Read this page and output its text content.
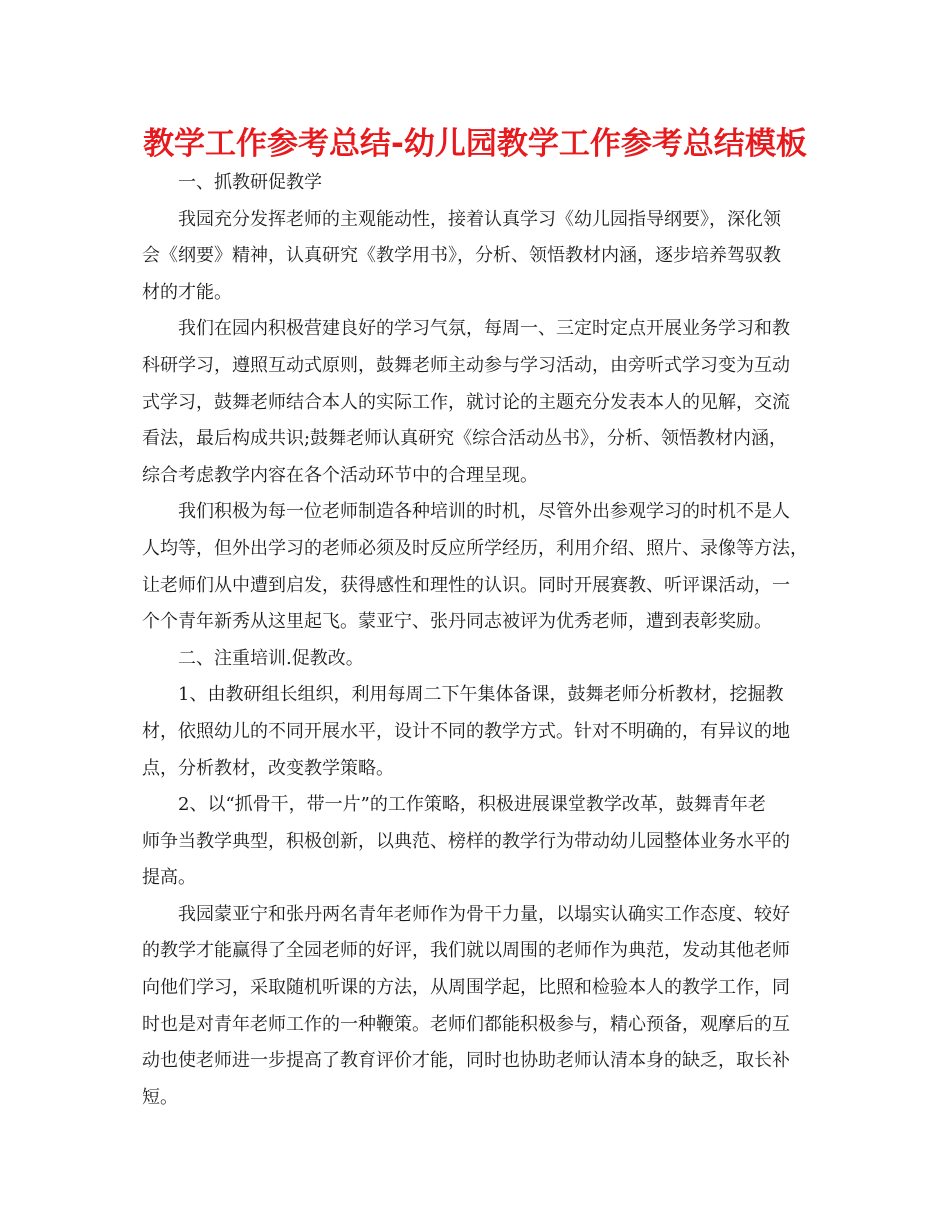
教学工作参考总结-幼儿园教学工作参考总结模板

一、抓教研促教学

我园充分发挥老师的主观能动性，接着认真学习《幼儿园指导纲要》，深化领
会《纲要》精神，认真研究《教学用书》，分析、领悟教材内涵，逐步培养驾驭教
材的才能。

我们在园内积极营建良好的学习气氛，每周一、三定时定点开展业务学习和教
科研学习，遵照互动式原则，鼓舞老师主动参与学习活动，由旁听式学习变为互动
式学习，鼓舞老师结合本人的实际工作，就讨论的主题充分发表本人的见解，交流
看法，最后构成共识;鼓舞老师认真研究《综合活动丛书》，分析、领悟教材内涵，
综合考虑教学内容在各个活动环节中的合理呈现。

我们积极为每一位老师制造各种培训的时机，尽管外出参观学习的时机不是人
人均等，但外出学习的老师必须及时反应所学经历，利用介绍、照片、录像等方法，
让老师们从中遭到启发，获得感性和理性的认识。同时开展赛教、听评课活动，一
个个青年新秀从这里起飞。蒙亚宁、张丹同志被评为优秀老师，遭到表彰奖励。

二、注重培训.促教改。

1、由教研组长组织，利用每周二下午集体备课，鼓舞老师分析教材，挖掘教
材，依照幼儿的不同开展水平，设计不同的教学方式。针对不明确的，有异议的地
点，分析教材，改变教学策略。

2、以“抓骨干，带一片”的工作策略，积极进展课堂教学改革，鼓舞青年老
师争当教学典型，积极创新，以典范、榜样的教学行为带动幼儿园整体业务水平的
提高。

我园蒙亚宁和张丹两名青年老师作为骨干力量，以塌实认确实工作态度、较好
的教学才能赢得了全园老师的好评，我们就以周围的老师作为典范，发动其他老师
向他们学习，采取随机听课的方法，从周围学起，比照和检验本人的教学工作，同
时也是对青年老师工作的一种鞭策。老师们都能积极参与，精心预备，观摩后的互
动也使老师进一步提高了教育评价才能，同时也协助老师认清本身的缺乏，取长补
短。
